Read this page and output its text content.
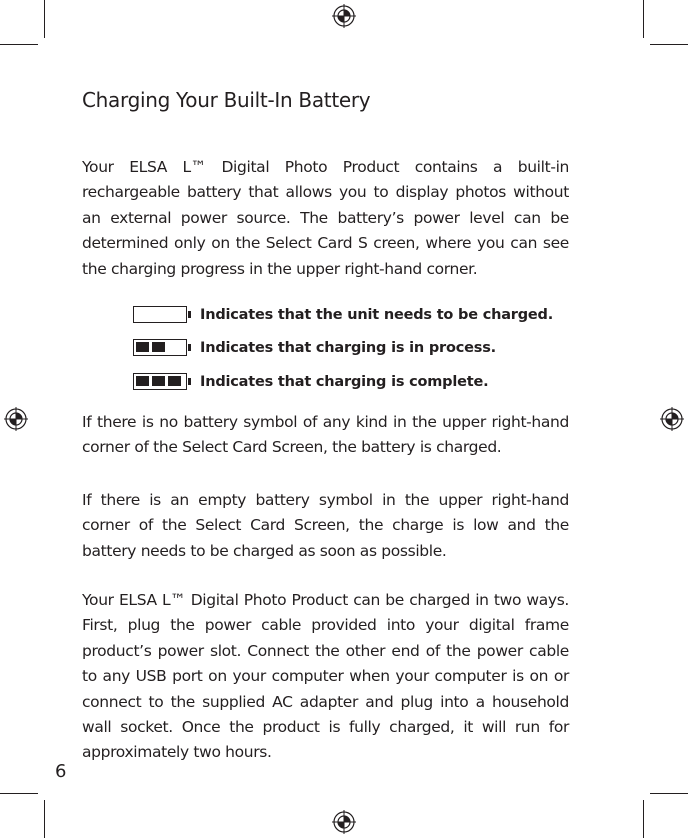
Charging Your Built-In Battery

Your ELSA L™ Digital Photo Product contains a built-in rechargeable battery that allows you to display photos without an external power source. The battery’s power level can be determined only on the Select Card S creen, where you can see the charging progress in the upper right-hand corner.

Indicates that the unit needs to be charged.
Indicates that charging is in process.
Indicates that charging is complete.

If there is no battery symbol of any kind in the upper right-hand corner of the Select Card Screen, the battery is charged.

If there is an empty battery symbol in the upper right-hand corner of the Select Card Screen, the charge is low and the battery needs to be charged as soon as possible.

Your ELSA L™ Digital Photo Product can be charged in two ways. First, plug the power cable provided into your digital frame product’s power slot. Connect the other end of the power cable to any USB port on your computer when your computer is on or connect to the supplied AC adapter and plug into a household wall socket. Once the product is fully charged, it will run for approximately two hours.

6
